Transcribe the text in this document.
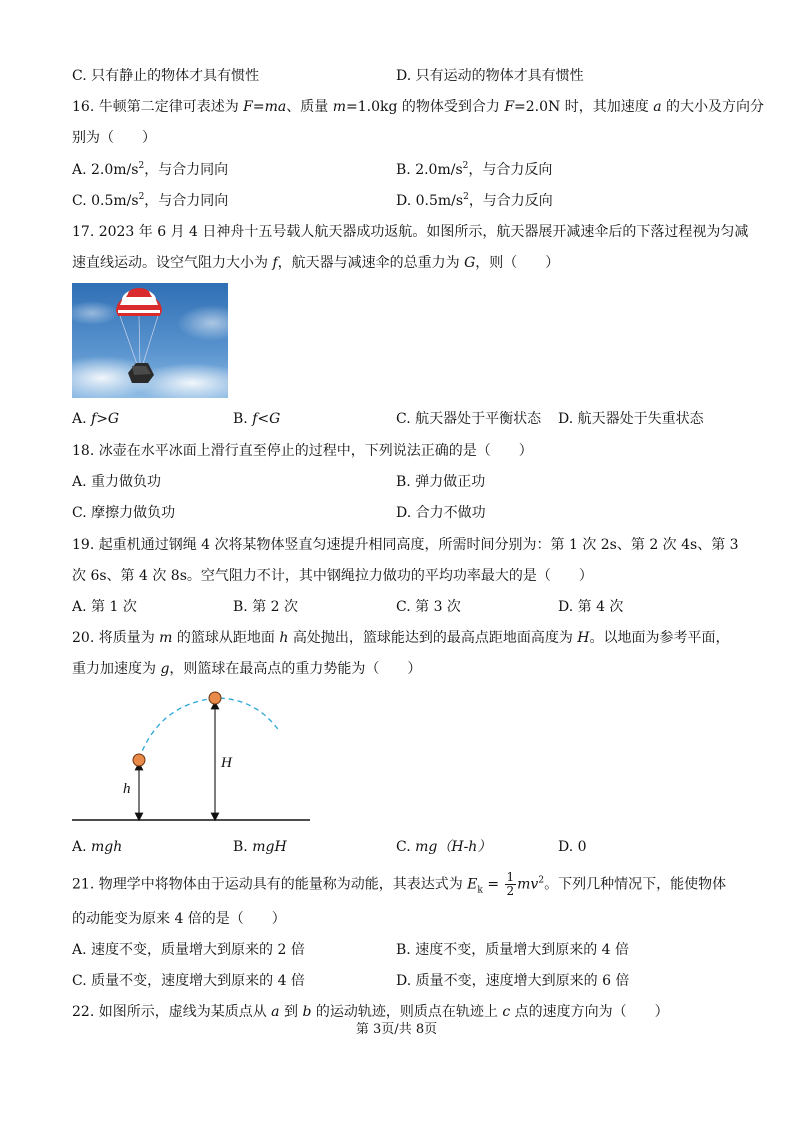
C. 只有静止的物体才具有惯性	D. 只有运动的物体才具有惯性
16. 牛顿第二定律可表述为 F=ma、质量 m=1.0kg 的物体受到合力 F=2.0N 时，其加速度 a 的大小及方向分
别为（　　）
A. $2.0m/s^2$，与合力同向	B. $2.0m/s^2$，与合力反向
C. $0.5m/s^2$，与合力同向	D. $0.5m/s^2$，与合力反向
17. 2023 年 6 月 4 日神舟十五号载人航天器成功返航。如图所示，航天器展开减速伞后的下落过程视为匀减
速直线运动。设空气阻力大小为 f，航天器与减速伞的总重力为 G，则（　　）
A. f>G	B. f<G	C. 航天器处于平衡状态 D. 航天器处于失重状态
18. 冰壶在水平冰面上滑行直至停止的过程中，下列说法正确的是（　　）
A. 重力做负功	B. 弹力做正功
C. 摩擦力做负功	D. 合力不做功
19. 起重机通过钢绳 4 次将某物体竖直匀速提升相同高度，所需时间分别为：第 1 次 2s、第 2 次 4s、第 3
次 6s、第 4 次 8s。空气阻力不计，其中钢绳拉力做功的平均功率最大的是（　　）
A. 第 1 次	B. 第 2 次	C. 第 3 次	D. 第 4 次
20. 将质量为 m 的篮球从距地面 h 高处抛出，篮球能达到的最高点距地面高度为 H。以地面为参考平面，
重力加速度为 g，则篮球在最高点的重力势能为（　　）
h
H
A. mgh	B. mgH	C. mg（H-h）	D. 0
21. 物理学中将物体由于运动具有的能量称为动能，其表达式为 $E_k = \frac{1}{2} mv^2$。下列几种情况下，能使物体
的动能变为原来 4 倍的是（　　）
A. 速度不变，质量增大到原来的 2 倍	B. 速度不变，质量增大到原来的 4 倍
C. 质量不变，速度增大到原来的 4 倍	D. 质量不变，速度增大到原来的 6 倍
22. 如图所示，虚线为某质点从 a 到 b 的运动轨迹，则质点在轨迹上 c 点的速度方向为（　　）
第 3页/共 8页
